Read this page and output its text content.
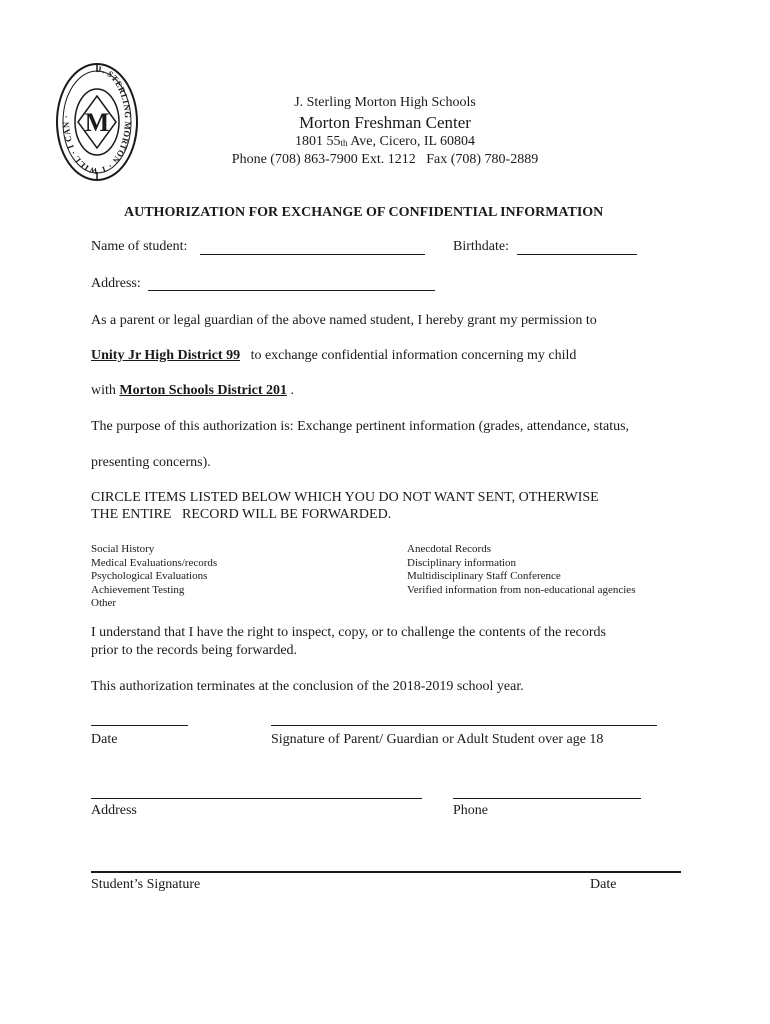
J. STERLING MORTON · I WILL · I CAN · M
J. Sterling Morton High Schools
Morton Freshman Center
1801 $55_{th}$ Ave, Cicero, IL 60804
Phone (708) 863-7900 Ext. 1212   Fax (708) 780-2889
AUTHORIZATION FOR EXCHANGE OF CONFIDENTIAL INFORMATION
Name of student:	Birthdate:
Address:
As a parent or legal guardian of the above named student, I hereby grant my permission to
Unity Jr High District 99 to exchange confidential information concerning my child
with Morton Schools District 201 .
The purpose of this authorization is: Exchange pertinent information (grades, attendance, status,
presenting concerns).
CIRCLE ITEMS LISTED BELOW WHICH YOU DO NOT WANT SENT, OTHERWISE
THE ENTIRE   RECORD WILL BE FORWARDED.
Social History
Medical Evaluations/records
Psychological Evaluations
Achievement Testing
Other
Anecdotal Records
Disciplinary information
Multidisciplinary Staff Conference
Verified information from non-educational agencies
I understand that I have the right to inspect, copy, or to challenge the contents of the records
prior to the records being forwarded.
This authorization terminates at the conclusion of the 2018-2019 school year.
Date	Signature of Parent/ Guardian or Adult Student over age 18
Address	Phone
Student’s Signature	Date
